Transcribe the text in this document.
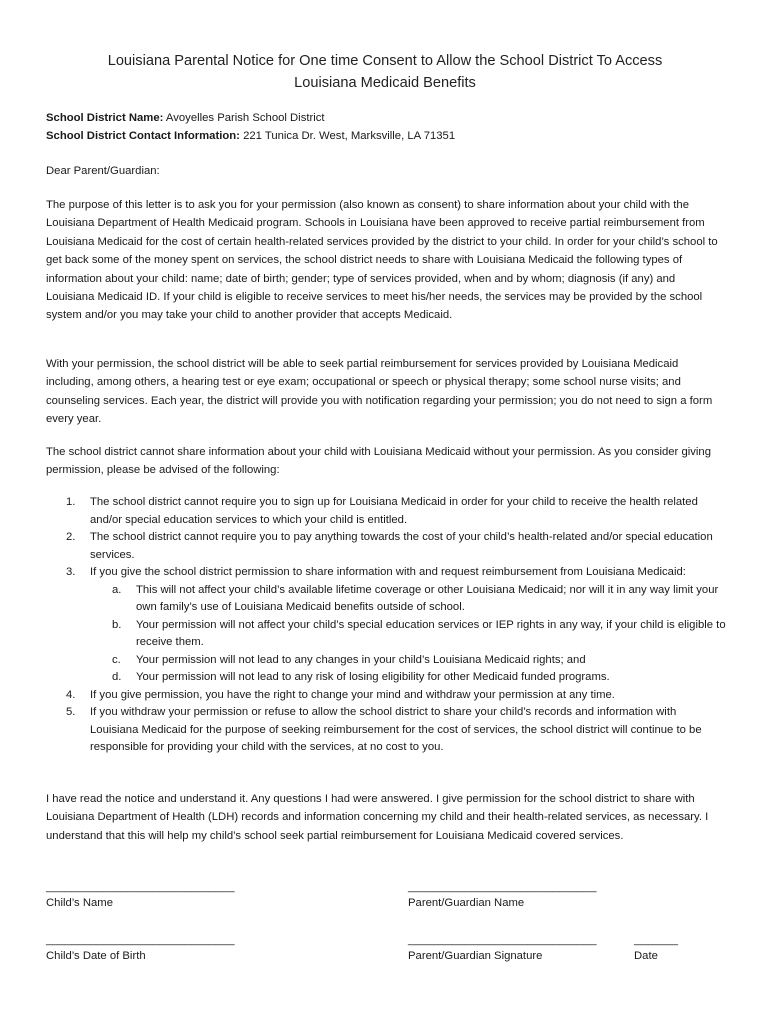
Louisiana Parental Notice for One time Consent to Allow the School District To Access
Louisiana Medicaid Benefits
School District Name: Avoyelles Parish School District
School District Contact Information: 221 Tunica Dr. West, Marksville, LA 71351
Dear Parent/Guardian:
The purpose of this letter is to ask you for your permission (also known as consent) to share information about your child with the Louisiana Department of Health Medicaid program. Schools in Louisiana have been approved to receive partial reimbursement from Louisiana Medicaid for the cost of certain health-related services provided by the district to your child. In order for your child’s school to get back some of the money spent on services, the school district needs to share with Louisiana Medicaid the following types of information about your child: name; date of birth; gender; type of services provided, when and by whom; diagnosis (if any) and Louisiana Medicaid ID. If your child is eligible to receive services to meet his/her needs, the services may be provided by the school system and/or you may take your child to another provider that accepts Medicaid.
With your permission, the school district will be able to seek partial reimbursement for services provided by Louisiana Medicaid including, among others, a hearing test or eye exam; occupational or speech or physical therapy; some school nurse visits; and counseling services. Each year, the district will provide you with notification regarding your permission; you do not need to sign a form every year.
The school district cannot share information about your child with Louisiana Medicaid without your permission. As you consider giving permission, please be advised of the following:
1. The school district cannot require you to sign up for Louisiana Medicaid in order for your child to receive the health related and/or special education services to which your child is entitled.
2. The school district cannot require you to pay anything towards the cost of your child’s health-related and/or special education services.
3. If you give the school district permission to share information with and request reimbursement from Louisiana Medicaid:
a. This will not affect your child’s available lifetime coverage or other Louisiana Medicaid; nor will it in any way limit your own family’s use of Louisiana Medicaid benefits outside of school.
b. Your permission will not affect your child’s special education services or IEP rights in any way, if your child is eligible to receive them.
c. Your permission will not lead to any changes in your child’s Louisiana Medicaid rights; and
d. Your permission will not lead to any risk of losing eligibility for other Medicaid funded programs.
4. If you give permission, you have the right to change your mind and withdraw your permission at any time.
5. If you withdraw your permission or refuse to allow the school district to share your child’s records and information with Louisiana Medicaid for the purpose of seeking reimbursement for the cost of services, the school district will continue to be responsible for providing your child with the services, at no cost to you.
I have read the notice and understand it. Any questions I had were answered. I give permission for the school district to share with Louisiana Department of Health (LDH) records and information concerning my child and their health-related services, as necessary. I understand that this will help my child’s school seek partial reimbursement for Louisiana Medicaid covered services.
______________________________
Child’s Name
______________________________
Parent/Guardian Name
______________________________
Child’s Date of Birth
______________________________
Parent/Guardian Signature
_______
Date
